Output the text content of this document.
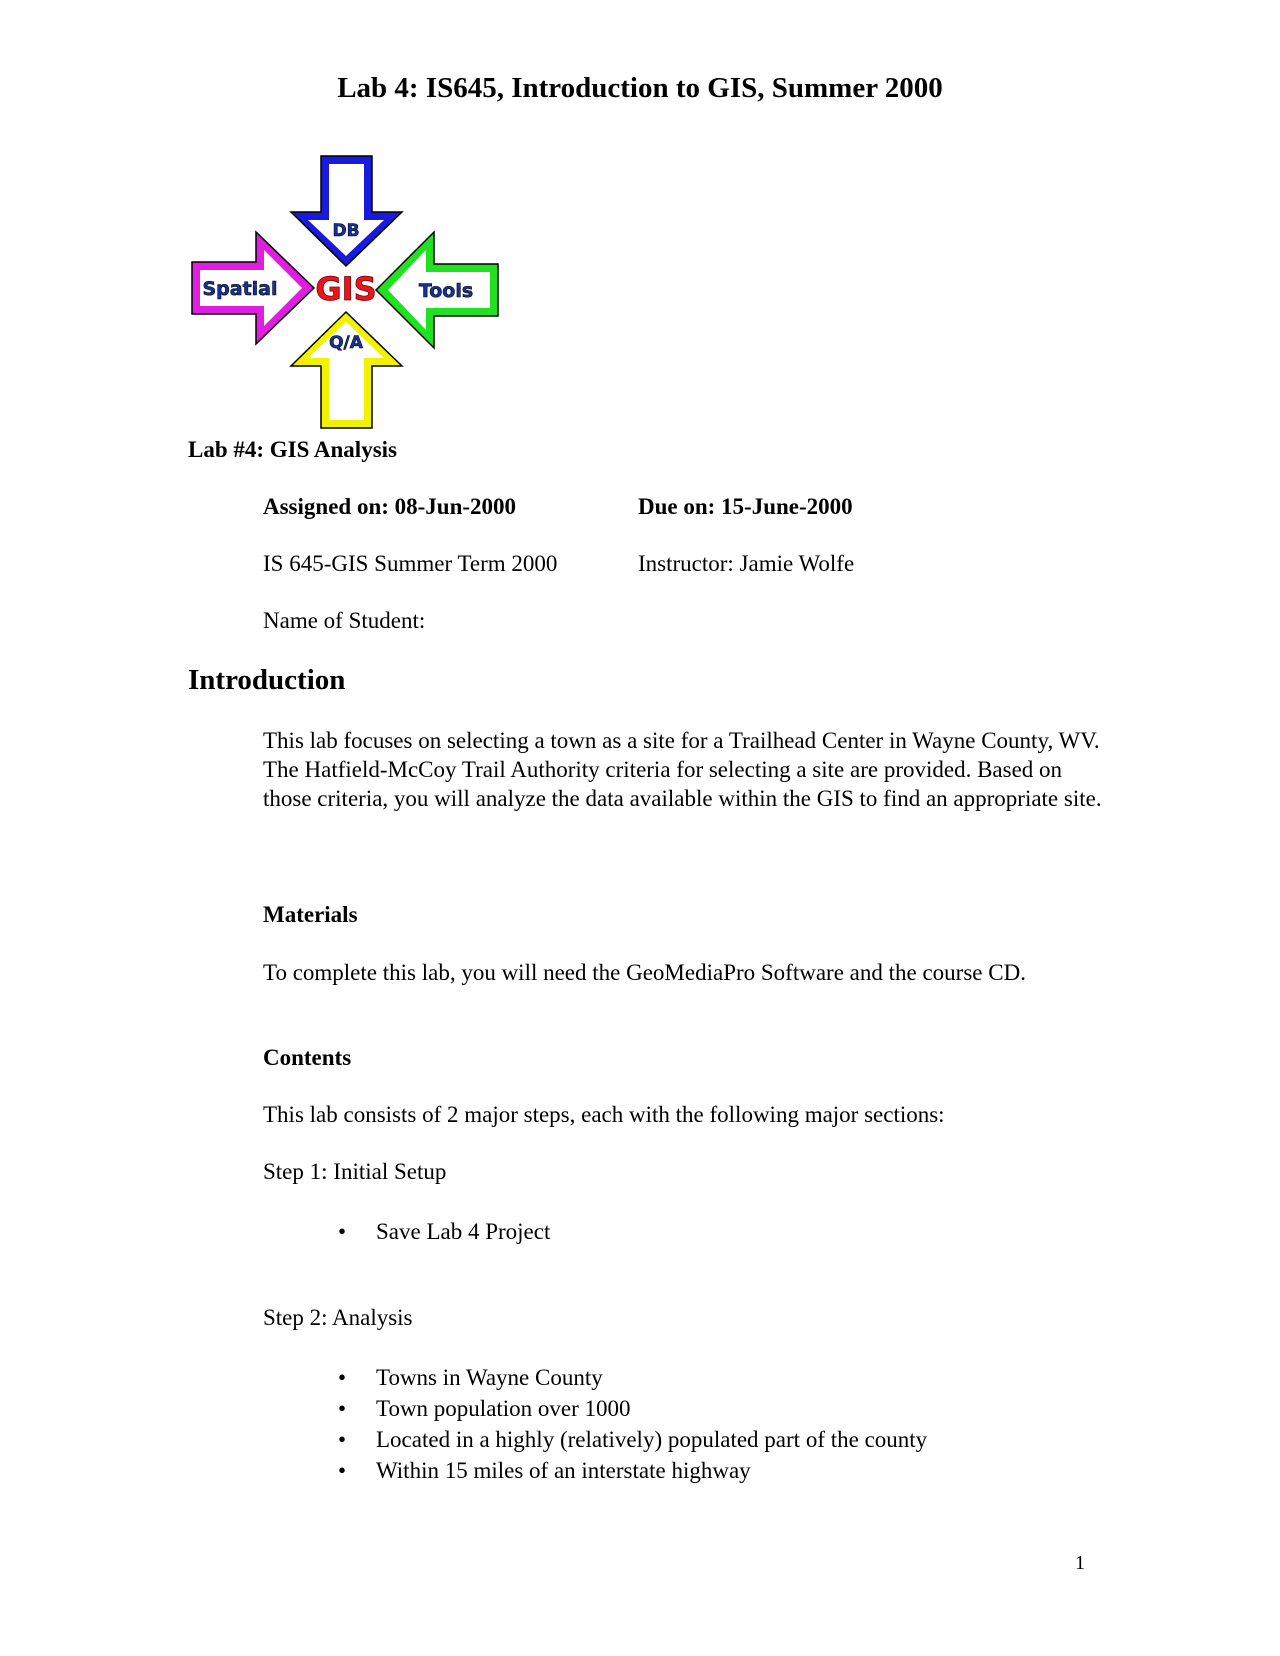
Lab 4: IS645, Introduction to GIS, Summer 2000
DB
Spatial GIS Tools
Q/A
Lab #4: GIS Analysis
Assigned on: 08-Jun-2000	Due on: 15-June-2000
IS 645-GIS Summer Term 2000	Instructor: Jamie Wolfe
Name of Student:
Introduction
This lab focuses on selecting a town as a site for a Trailhead Center in Wayne County, WV. The Hatfield-McCoy Trail Authority criteria for selecting a site are provided. Based on those criteria, you will analyze the data available within the GIS to find an appropriate site.
Materials
To complete this lab, you will need the GeoMediaPro Software and the course CD.
Contents
This lab consists of 2 major steps, each with the following major sections:
Step 1: Initial Setup
• Save Lab 4 Project
Step 2: Analysis
• Towns in Wayne County
• Town population over 1000
• Located in a highly (relatively) populated part of the county
• Within 15 miles of an interstate highway
1
